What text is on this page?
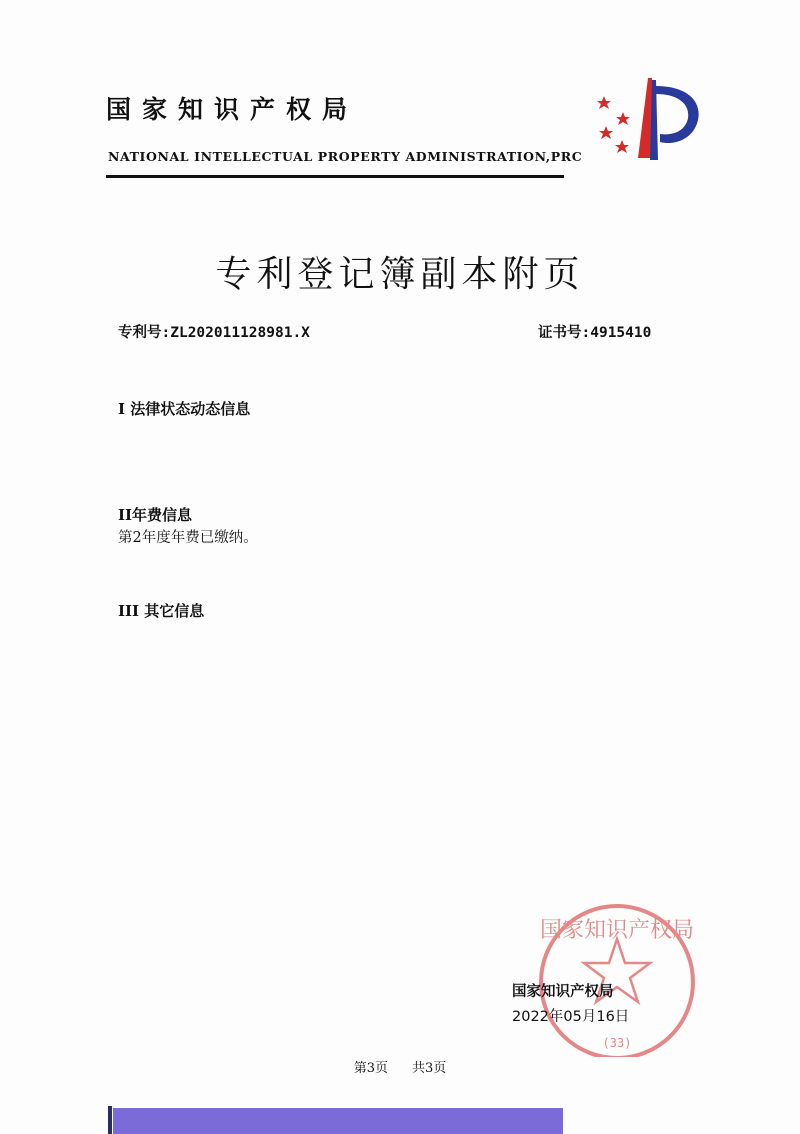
国家知识产权局
NATIONAL INTELLECTUAL PROPERTY ADMINISTRATION,PRC
专利登记簿副本附页
专利号:ZL202011128981.X	证书号:4915410
I 法律状态动态信息
II年费信息
第2年度年费已缴纳。
III 其它信息
国家知识产权局
(33)
国家知识产权局
2022年05月16日
第3页 共3页
